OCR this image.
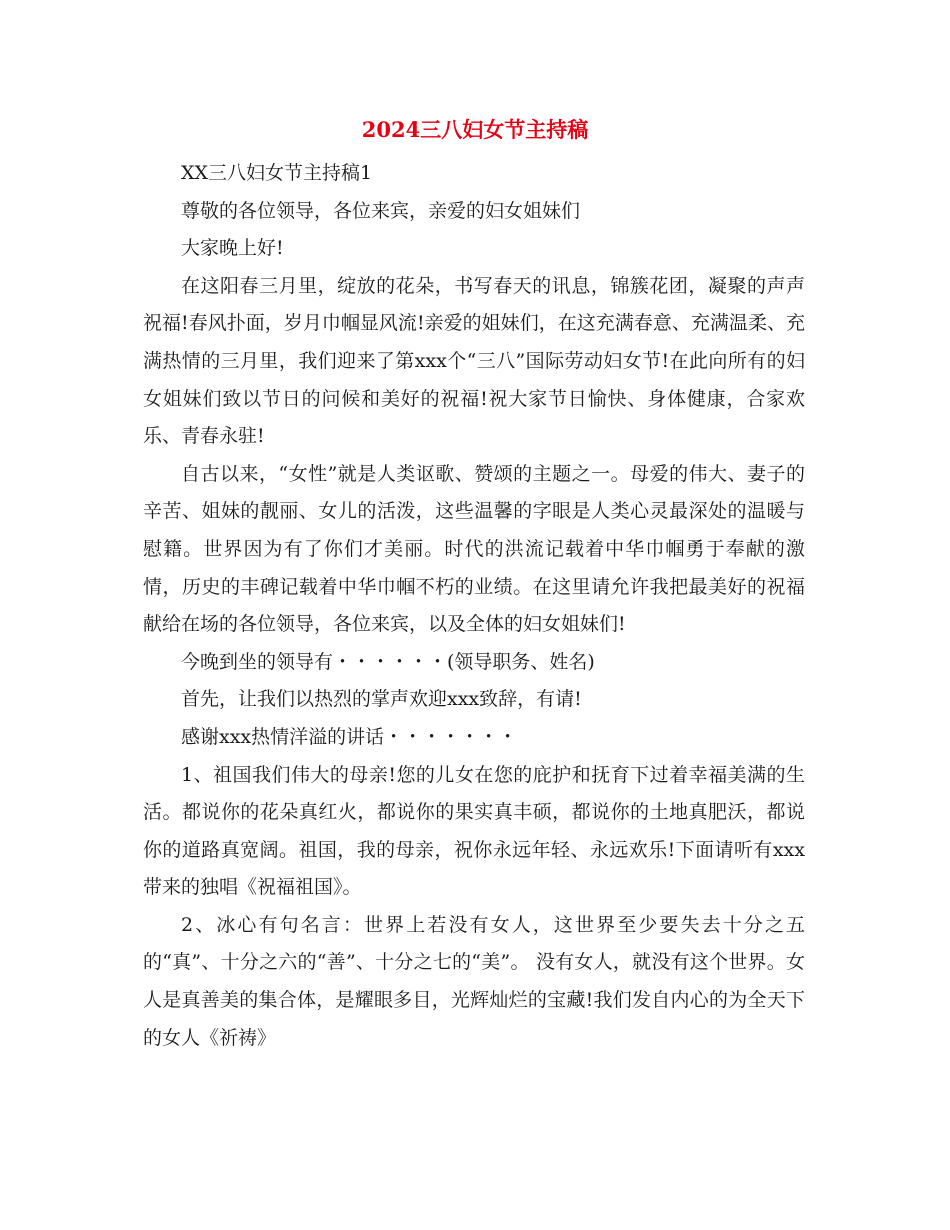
2024三八妇女节主持稿

XX三八妇女节主持稿1

尊敬的各位领导，各位来宾，亲爱的妇女姐妹们

大家晚上好!

在这阳春三月里，绽放的花朵，书写春天的讯息，锦簇花团，凝聚的声声祝福!春风扑面，岁月巾帼显风流!亲爱的姐妹们，在这充满春意、充满温柔、充满热情的三月里，我们迎来了第xxx个“三八”国际劳动妇女节!在此向所有的妇女姐妹们致以节日的问候和美好的祝福!祝大家节日愉快、身体健康，合家欢乐、青春永驻!

自古以来，“女性”就是人类讴歌、赞颂的主题之一。母爱的伟大、妻子的辛苦、姐妹的靓丽、女儿的活泼，这些温馨的字眼是人类心灵最深处的温暖与慰籍。世界因为有了你们才美丽。时代的洪流记载着中华巾帼勇于奉献的激情，历史的丰碑记载着中华巾帼不朽的业绩。在这里请允许我把最美好的祝福献给在场的各位领导，各位来宾，以及全体的妇女姐妹们!

今晚到坐的领导有・・・・・・(领导职务、姓名)

首先，让我们以热烈的掌声欢迎xxx致辞，有请!

感谢xxx热情洋溢的讲话・・・・・・・

1、祖国我们伟大的母亲!您的儿女在您的庇护和抚育下过着幸福美满的生活。都说你的花朵真红火，都说你的果实真丰硕，都说你的土地真肥沃，都说你的道路真宽阔。祖国，我的母亲，祝你永远年轻、永远欢乐!下面请听有xxx带来的独唱《祝福祖国》。

2、冰心有句名言：世界上若没有女人，这世界至少要失去十分之五的“真”、十分之六的“善”、十分之七的“美”。 没有女人，就没有这个世界。女人是真善美的集合体，是耀眼多目，光辉灿烂的宝藏!我们发自内心的为全天下的女人《祈祷》
